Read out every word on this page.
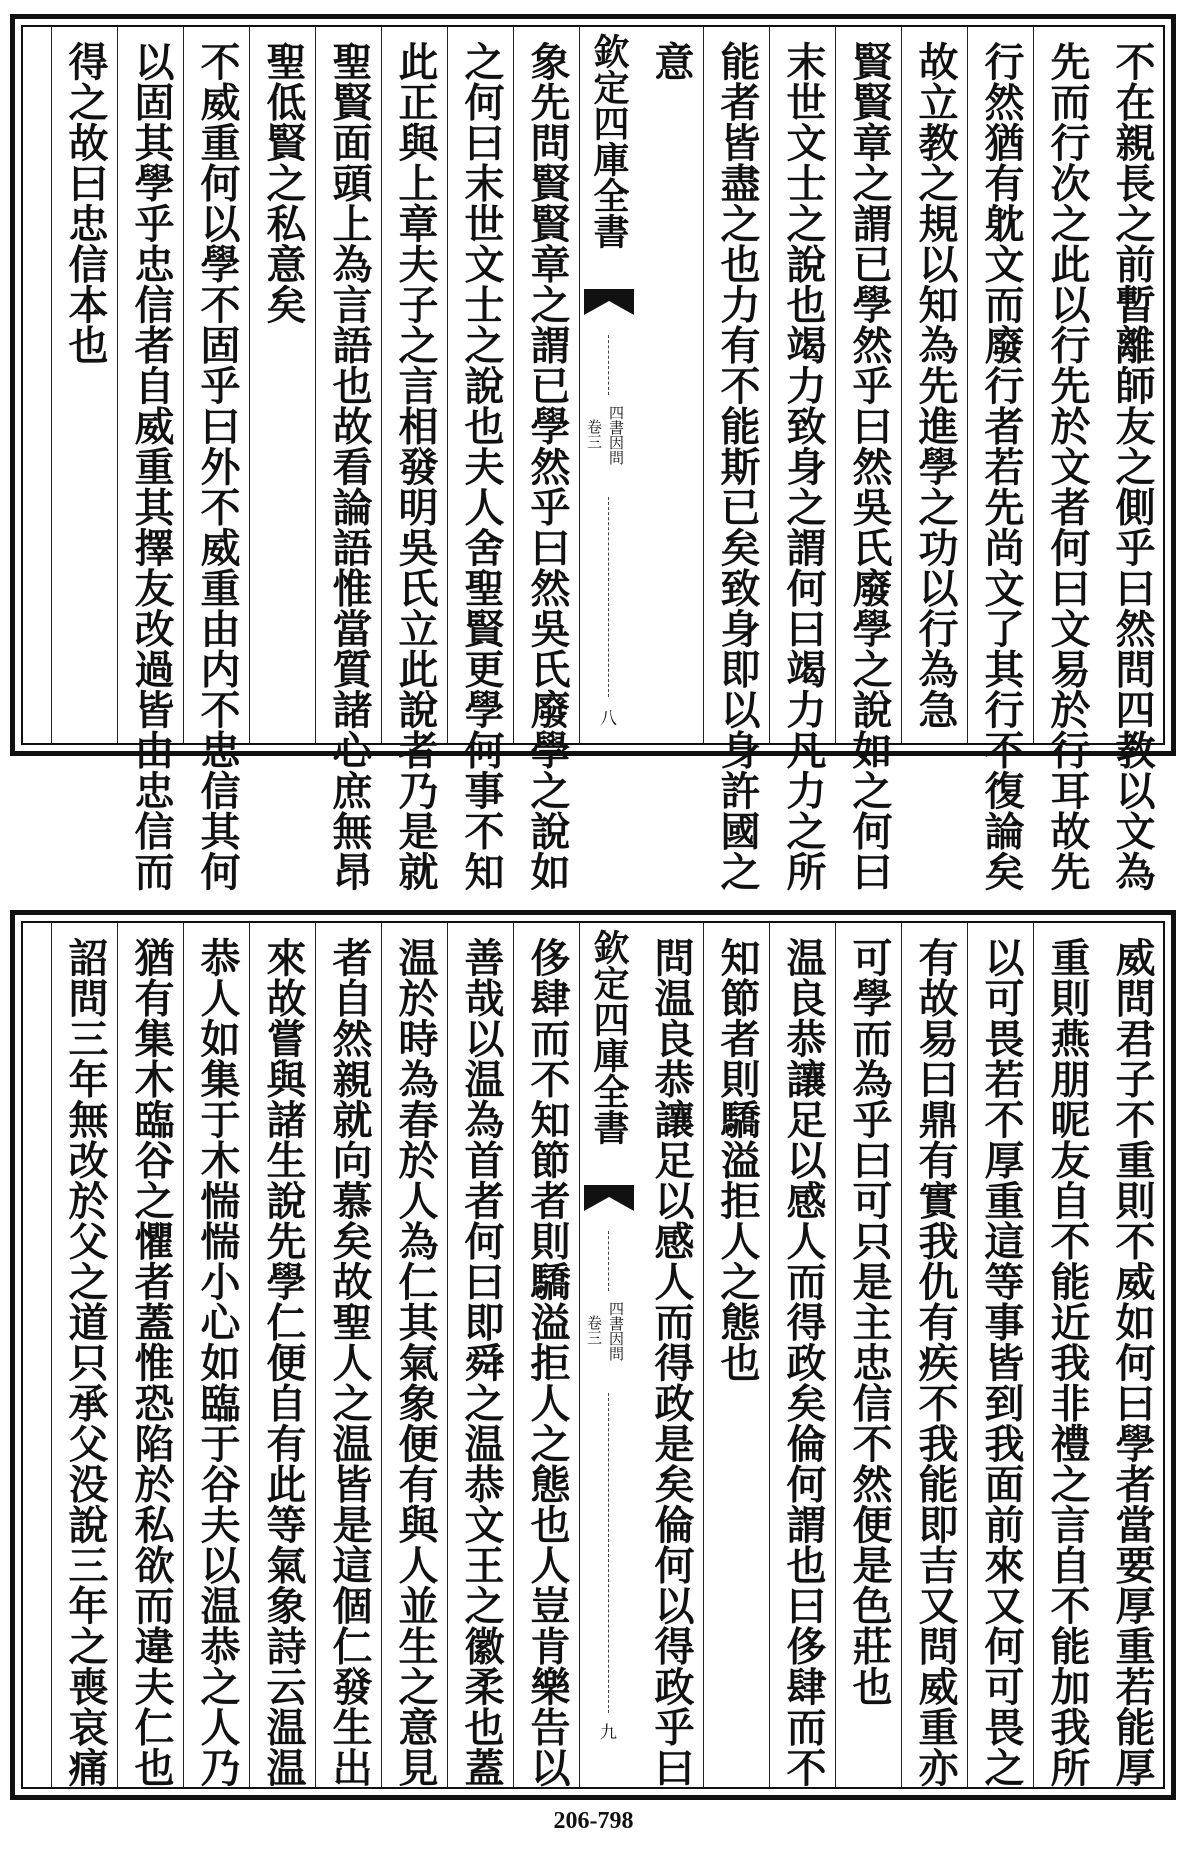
不在親長之前暫離師友之側乎曰然問四教以文為
先而行次之此以行先於文者何曰文易於行耳故先
行然猶有躭文而廢行者若先尚文了其行不復論矣
故立教之規以知為先進學之功以行為急
賢賢章之謂已學然乎曰然吳氏廢學之說如之何曰
末世文士之說也竭力致身之謂何曰竭力凡力之所
能者皆盡之也力有不能斯已矣致身即以身許國之
意
欽定四庫全書
四書因問
卷三
八
象先問賢賢章之謂已學然乎曰然吳氏廢學之說如
之何曰末世文士之說也夫人舍聖賢更學何事不知
此正與上章夫子之言相發明吳氏立此說者乃是就
聖賢面頭上為言語也故看論語惟當質諸心庶無昂
聖低賢之私意矣
不威重何以學不固乎曰外不威重由内不忠信其何
以固其學乎忠信者自威重其擇友改過皆由忠信而
得之故曰忠信本也
威問君子不重則不威如何曰學者當要厚重若能厚
重則燕朋昵友自不能近我非禮之言自不能加我所
以可畏若不厚重這等事皆到我面前來又何可畏之
有故易曰鼎有實我仇有疾不我能即吉又問威重亦
可學而為乎曰可只是主忠信不然便是色莊也
温良恭讓足以感人而得政矣倫何謂也曰侈肆而不
知節者則驕溢拒人之態也
問温良恭讓足以感人而得政是矣倫何以得政乎曰
欽定四庫全書
四書因問
卷三
九
侈肆而不知節者則驕溢拒人之態也人豈肯樂告以
善哉以温為首者何曰即舜之温恭文王之徽柔也蓋
温於時為春於人為仁其氣象便有與人並生之意見
者自然親就向慕矣故聖人之温皆是這個仁發生出
來故嘗與諸生說先學仁便自有此等氣象詩云温温
恭人如集于木惴惴小心如臨于谷夫以温恭之人乃
猶有集木臨谷之懼者蓋惟恐陷於私欲而違夫仁也
詔問三年無改於父之道只承父没說三年之喪哀痛
206-798
